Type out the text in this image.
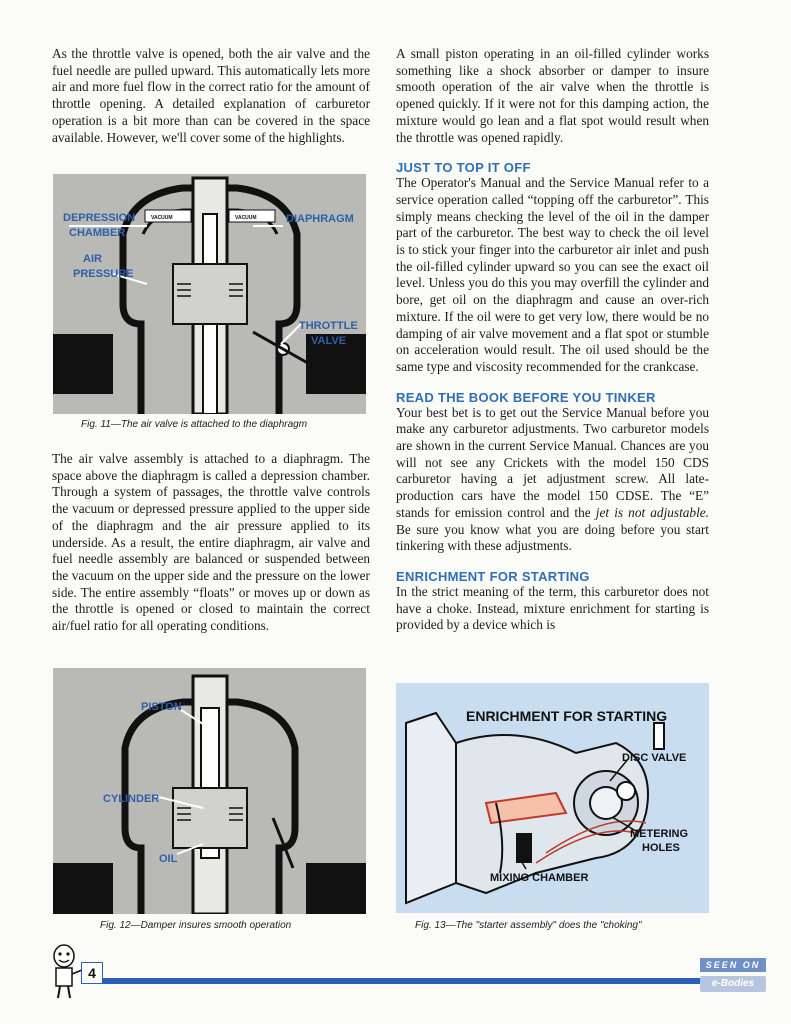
As the throttle valve is opened, both the air valve and the fuel needle are pulled upward. This automatically lets more air and more fuel flow in the correct ratio for the amount of throttle opening. A detailed explanation of carburetor operation is a bit more than can be covered in the space available. However, we'll cover some of the highlights.

VACUUM	VACUUM
DEPRESSION
CHAMBER
AIR
PRESSURE
DIAPHRAGM
THROTTLE
VALVE
Fig. 11—The air valve is attached to the diaphragm

The air valve assembly is attached to a diaphragm. The space above the diaphragm is called a depression chamber. Through a system of passages, the throttle valve controls the vacuum or depressed pressure applied to the upper side of the diaphragm and the air pressure applied to its underside. As a result, the entire diaphragm, air valve and fuel needle assembly are balanced or suspended between the vacuum on the upper side and the pressure on the lower side. The entire assembly “floats” or moves up or down as the throttle is opened or closed to maintain the correct air/fuel ratio for all operating conditions.

PISTON
CYLINDER
OIL
Fig. 12—Damper insures smooth operation

A small piston operating in an oil-filled cylinder works something like a shock absorber or damper to insure smooth operation of the air valve when the throttle is opened quickly. If it were not for this damping action, the mixture would go lean and a flat spot would result when the throttle was opened rapidly.

JUST TO TOP IT OFF

The Operator's Manual and the Service Manual refer to a service operation called “topping off the carburetor”. This simply means checking the level of the oil in the damper part of the carburetor. The best way to check the oil level is to stick your finger into the carburetor air inlet and push the oil-filled cylinder upward so you can see the exact oil level. Unless you do this you may overfill the cylinder and bore, get oil on the diaphragm and cause an over-rich mixture. If the oil were to get very low, there would be no damping of air valve movement and a flat spot or stumble on acceleration would result. The oil used should be the same type and viscosity recommended for the crankcase.

READ THE BOOK BEFORE YOU TINKER

Your best bet is to get out the Service Manual before you make any carburetor adjustments. Two carburetor models are shown in the current Service Manual. Chances are you will not see any Crickets with the model 150 CDS carburetor having a jet adjustment screw. All late-production cars have the model 150 CDSE. The “E” stands for emission control and the jet is not adjustable. Be sure you know what you are doing before you start tinkering with these adjustments.

ENRICHMENT FOR STARTING

In the strict meaning of the term, this carburetor does not have a choke. Instead, mixture enrichment for starting is provided by a device which is

ENRICHMENT FOR STARTING
DISC VALVE
METERING
HOLES
MIXING CHAMBER
Fig. 13—The "starter assembly" does the "choking"
4	SEEN ON
e-Bodies
